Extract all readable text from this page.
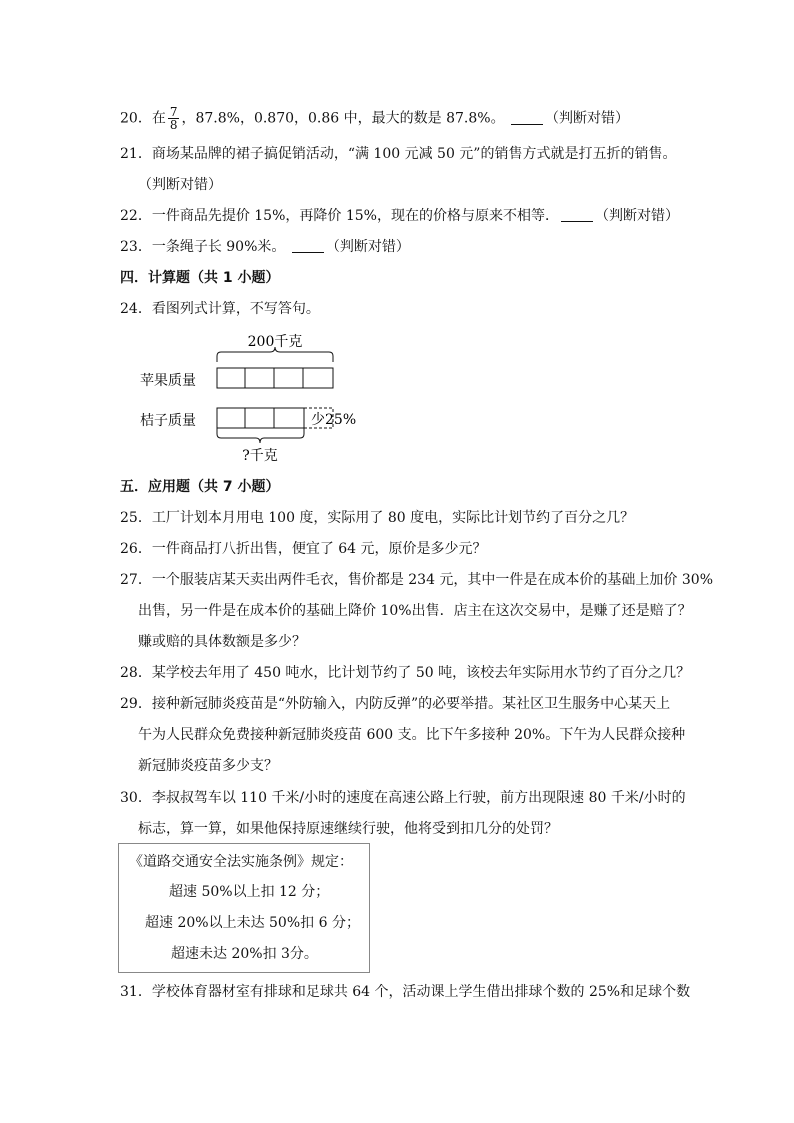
20．在 $\frac{7}{8}$ ，87.8%，0.870，0.86 中，最大的数是 87.8%。	（判断对错）
21．商场某品牌的裙子搞促销活动，“满 100 元减 50 元”的销售方式就是打五折的销售。
（判断对错）
22．一件商品先提价 15%，再降价 15%，现在的价格与原来不相等．	（判断对错）
23．一条绳子长 90%米。	（判断对错）
四．计算题（共 1 小题）
24．看图列式计算，不写答句。
200千克
苹果质量
桔子质量	少25%
?千克
五．应用题（共 7 小题）
25．工厂计划本月用电 100 度，实际用了 80 度电，实际比计划节约了百分之几？
26．一件商品打八折出售，便宜了 64 元，原价是多少元？
27．一个服装店某天卖出两件毛衣，售价都是 234 元，其中一件是在成本价的基础上加价 30%
出售，另一件是在成本价的基础上降价 10%出售．店主在这次交易中，是赚了还是赔了？
赚或赔的具体数额是多少？
28．某学校去年用了 450 吨水，比计划节约了 50 吨，该校去年实际用水节约了百分之几？
29．接种新冠肺炎疫苗是“外防输入，内防反弹”的必要举措。某社区卫生服务中心某天上
午为人民群众免费接种新冠肺炎疫苗 600 支。比下午多接种 20%。下午为人民群众接种
新冠肺炎疫苗多少支？
30．李叔叔驾车以 110 千米/小时的速度在高速公路上行驶，前方出现限速 80 千米/小时的
标志，算一算，如果他保持原速继续行驶，他将受到扣几分的处罚？
《道路交通安全法实施条例》规定：
超速 50%以上扣 12 分；
超速 20%以上未达 50%扣 6 分；
超速未达 20%扣 3分。
31．学校体育器材室有排球和足球共 64 个，活动课上学生借出排球个数的 25%和足球个数
